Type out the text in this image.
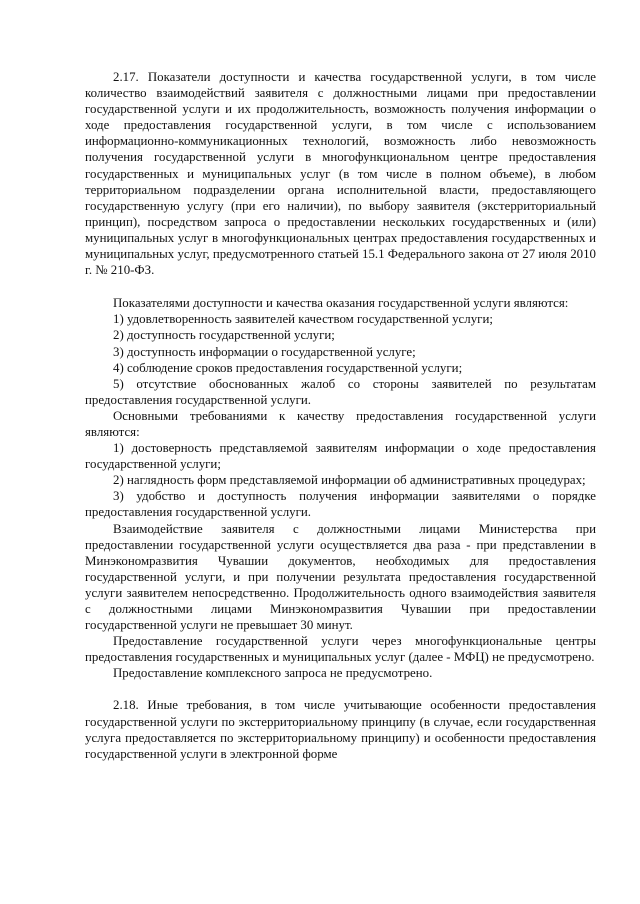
2.17. Показатели доступности и качества государственной услуги, в том числе количество взаимодействий заявителя с должностными лицами при предоставлении государственной услуги и их продолжительность, возможность получения информации о ходе предоставления государственной услуги, в том числе с использованием информационно-коммуникационных технологий, возможность либо невозможность получения государственной услуги в многофункциональном центре предоставления государственных и муниципальных услуг (в том числе в полном объеме), в любом территориальном подразделении органа исполнительной власти, предоставляющего государственную услугу (при его наличии), по выбору заявителя (экстерриториальный принцип), посредством запроса о предоставлении нескольких государственных и (или) муниципальных услуг в многофункциональных центрах предоставления государственных и муниципальных услуг, предусмотренного статьей 15.1 Федерального закона от 27 июля 2010 г. № 210-ФЗ.

Показателями доступности и качества оказания государственной услуги являются:

1) удовлетворенность заявителей качеством государственной услуги;

2) доступность государственной услуги;

3) доступность информации о государственной услуге;

4) соблюдение сроков предоставления государственной услуги;

5) отсутствие обоснованных жалоб со стороны заявителей по результатам предоставления государственной услуги.

Основными требованиями к качеству предоставления государственной услуги являются:

1) достоверность представляемой заявителям информации о ходе предоставления государственной услуги;

2) наглядность форм представляемой информации об административных процедурах;

3) удобство и доступность получения информации заявителями о порядке предоставления государственной услуги.

Взаимодействие заявителя с должностными лицами Министерства при предоставлении государственной услуги осуществляется два раза - при представлении в Минэкономразвития Чувашии документов, необходимых для предоставления государственной услуги, и при получении результата предоставления государственной услуги заявителем непосредственно. Продолжительность одного взаимодействия заявителя с должностными лицами Минэкономразвития Чувашии при предоставлении государственной услуги не превышает 30 минут.

Предоставление государственной услуги через многофункциональные центры предоставления государственных и муниципальных услуг (далее - МФЦ) не предусмотрено.

Предоставление комплексного запроса не предусмотрено.

2.18. Иные требования, в том числе учитывающие особенности предоставления государственной услуги по экстерриториальному принципу (в случае, если государственная услуга предоставляется по экстерриториальному принципу) и особенности предоставления государственной услуги в электронной форме
